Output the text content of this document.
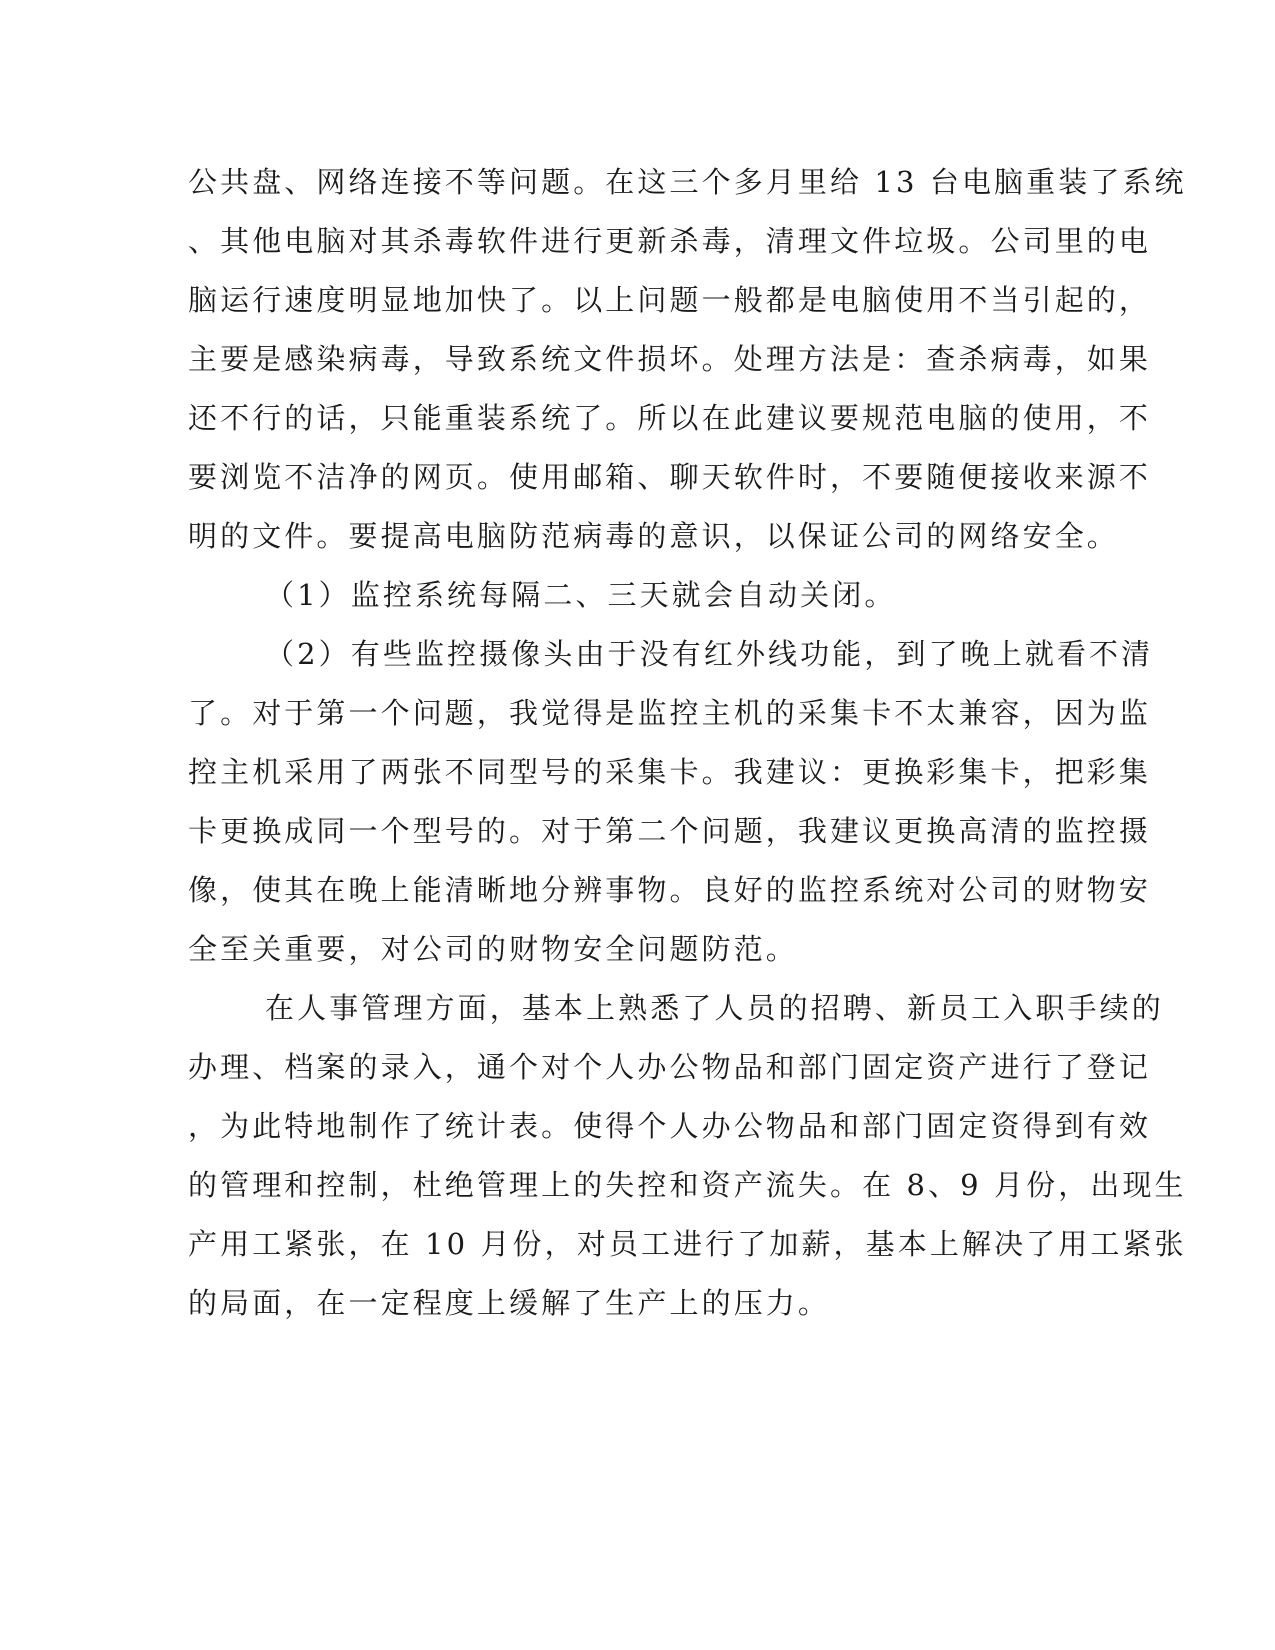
公共盘、网络连接不等问题。在这三个多月里给 13 台电脑重装了系统
、其他电脑对其杀毒软件进行更新杀毒，清理文件垃圾。公司里的电
脑运行速度明显地加快了。以上问题一般都是电脑使用不当引起的，
主要是感染病毒，导致系统文件损坏。处理方法是：查杀病毒，如果
还不行的话，只能重装系统了。所以在此建议要规范电脑的使用，不
要浏览不洁净的网页。使用邮箱、聊天软件时，不要随便接收来源不
明的文件。要提高电脑防范病毒的意识，以保证公司的网络安全。
（1）监控系统每隔二、三天就会自动关闭。
（2）有些监控摄像头由于没有红外线功能，到了晚上就看不清
了。对于第一个问题，我觉得是监控主机的采集卡不太兼容，因为监
控主机采用了两张不同型号的采集卡。我建议：更换彩集卡，把彩集
卡更换成同一个型号的。对于第二个问题，我建议更换高清的监控摄
像，使其在晚上能清晰地分辨事物。良好的监控系统对公司的财物安
全至关重要，对公司的财物安全问题防范。
在人事管理方面，基本上熟悉了人员的招聘、新员工入职手续的
办理、档案的录入，通个对个人办公物品和部门固定资产进行了登记
，为此特地制作了统计表。使得个人办公物品和部门固定资得到有效
的管理和控制，杜绝管理上的失控和资产流失。在 8、9 月份，出现生
产用工紧张，在 10 月份，对员工进行了加薪，基本上解决了用工紧张
的局面，在一定程度上缓解了生产上的压力。
